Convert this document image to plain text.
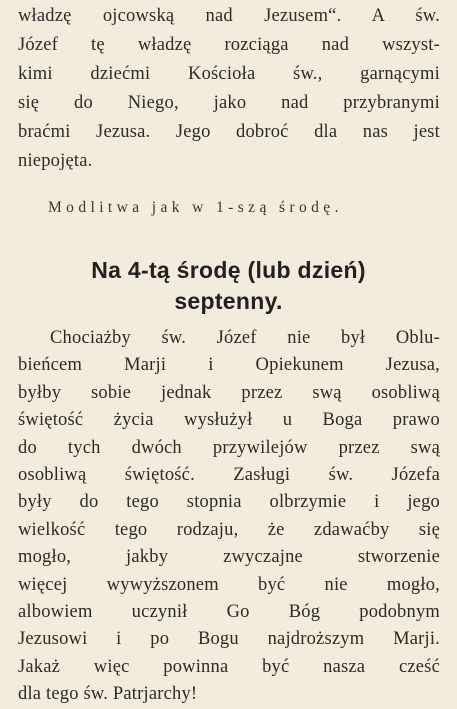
władzę ojcowską nad Jezusem“. A św.
Józef tę władzę rozciąga nad wszyst-
kimi dziećmi Kościoła św., garnącymi
się do Niego, jako nad przybranymi
braćmi Jezusa. Jego dobroć dla nas jest
niepojęta.
Modlitwa jak w 1-szą środę.
Na 4-tą środę (lub dzień)
septenny.
Chociażby św. Józef nie był Oblu-
bieńcem Marji i Opiekunem Jezusa,
byłby sobie jednak przez swą osobliwą
świętość życia wysłużył u Boga prawo
do tych dwóch przywilejów przez swą
osobliwą świętość. Zasługi św. Józefa
były do tego stopnia olbrzymie i jego
wielkość tego rodzaju, że zdawaćby się
mogło, jakby zwyczajne stworzenie
więcej wywyższonem być nie mogło,
albowiem uczynił Go Bóg podobnym
Jezusowi i po Bogu najdroższym Marji.
Jakaż więc powinna być nasza cześć
dla tego św. Patrjarchy!
